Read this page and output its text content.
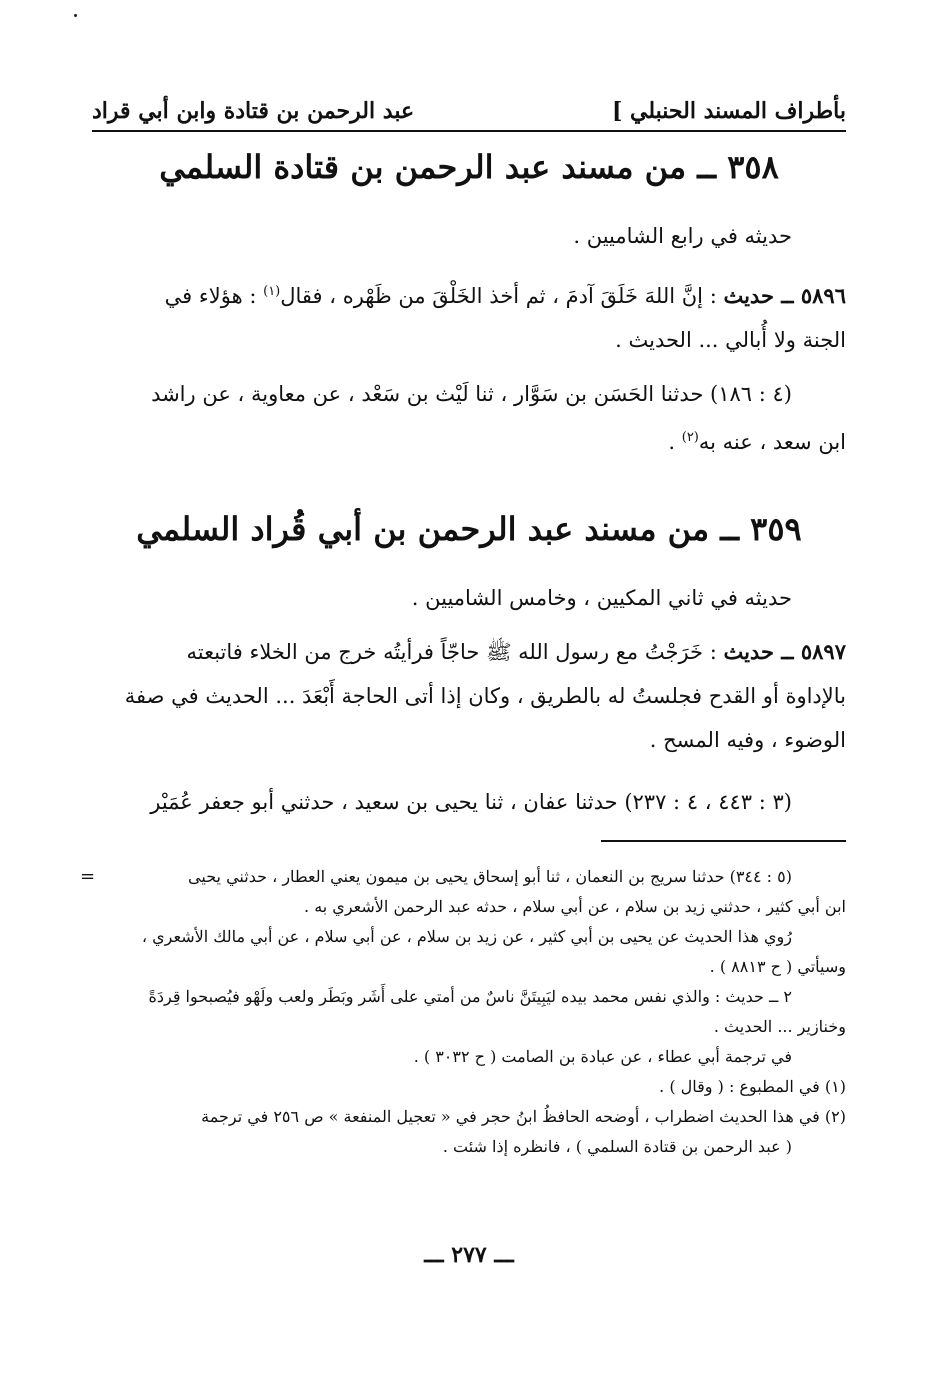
بأطراف المسند الحنبلي ]
عبد الرحمن بن قتادة وابن أبي قراد
٣٥٨ ــ من مسند عبد الرحمن بن قتادة السلمي
حديثه في رابع الشاميين .
٥٨٩٦ ــ حديث : إنَّ اللهَ خَلَقَ آدمَ ، ثم أخذ الخَلْقَ من ظَهْره ، فقال$^{(١)}$ : هؤلاء في
الجنة ولا أُبالي ... الحديث .
(٤ : ١٨٦) حدثنا الحَسَن بن سَوَّار ، ثنا لَيْث بن سَعْد ، عن معاوية ، عن راشد
ابن سعد ، عنه به$^{(٢)}$ .
٣٥٩ ــ من مسند عبد الرحمن بن أبي قُراد السلمي
حديثه في ثاني المكيين ، وخامس الشاميين .
٥٨٩٧ ــ حديث : خَرَجْتُ مع رسول الله ﷺ حاجّاً فرأيتُه خرج من الخلاء فاتبعته
بالإداوة أو القدح فجلستُ له بالطريق ، وكان إذا أتى الحاجة أَبْعَدَ ... الحديث في صفة
الوضوء ، وفيه المسح .
(٣ : ٤٤٣ ، ٤ : ٢٣٧) حدثنا عفان ، ثنا يحيى بن سعيد ، حدثني أبو جعفر عُمَيْر
=	(٥ : ٣٤٤) حدثنا سريج بن النعمان ، ثنا أبو إسحاق يحيى بن ميمون يعني العطار ، حدثني يحيى
ابن أبي كثير ، حدثني زيد بن سلام ، عن أبي سلام ، حدثه عبد الرحمن الأشعري به .
رُوي هذا الحديث عن يحيى بن أبي كثير ، عن زيد بن سلام ، عن أبي سلام ، عن أبي مالك الأشعري ،
وسيأتي ( ح ٨٨١٣ ) .
٢ ــ حديث : والذي نفس محمد بيده ليَبِيتَنَّ ناسٌ من أمتي على أَشَر وبَطَر ولعب ولَهْو فيُصبحوا قِردَةً
وخنازير ... الحديث .
في ترجمة أبي عطاء ، عن عبادة بن الصامت ( ح ٣٠٣٢ ) .
(١) في المطبوع : ( وقال ) .
(٢) في هذا الحديث اضطراب ، أوضحه الحافظُ ابنُ حجر في « تعجيل المنفعة » ص ٢٥٦ في ترجمة
( عبد الرحمن بن قتادة السلمي ) ، فانظره إذا شئت .
ـــ ٢٧٧ ـــ
